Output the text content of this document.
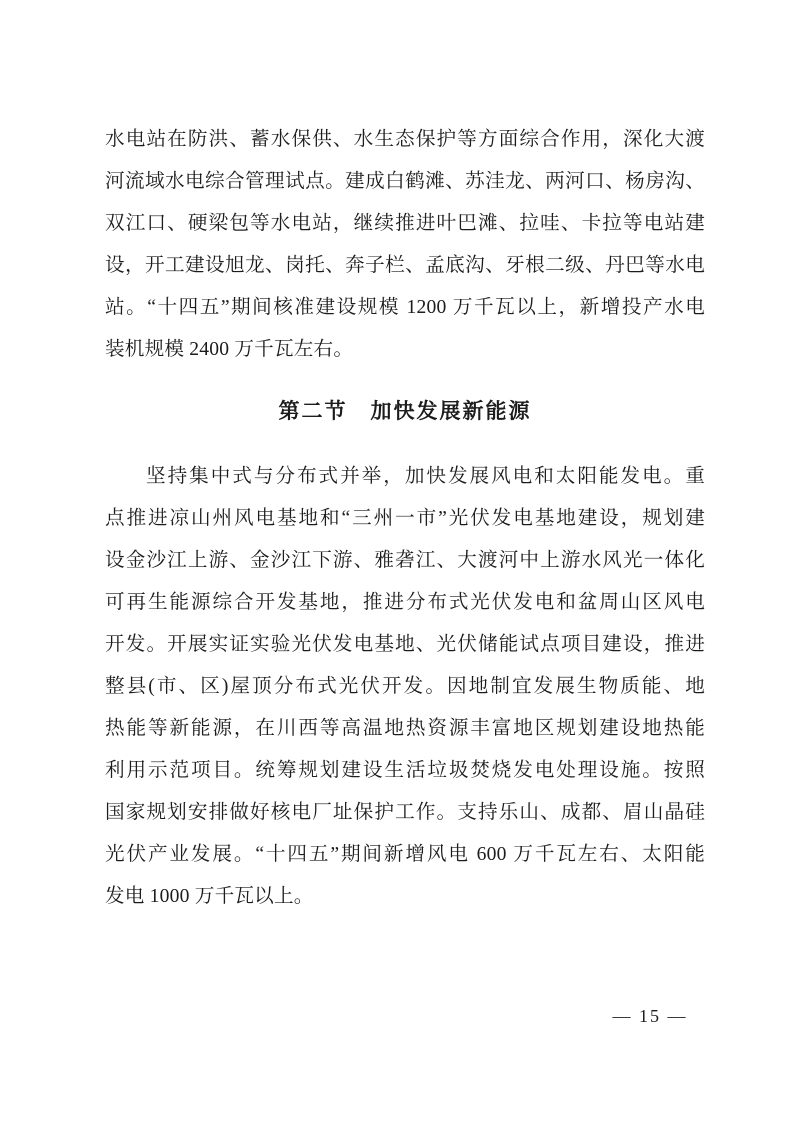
水电站在防洪、蓄水保供、水生态保护等方面综合作用，深化大渡
河流域水电综合管理试点。建成白鹤滩、苏洼龙、两河口、杨房沟、
双江口、硬梁包等水电站，继续推进叶巴滩、拉哇、卡拉等电站建
设，开工建设旭龙、岗托、奔子栏、孟底沟、牙根二级、丹巴等水电
站。“十四五”期间核准建设规模 1200 万千瓦以上，新增投产水电
装机规模 2400 万千瓦左右。
第二节　加快发展新能源
坚持集中式与分布式并举，加快发展风电和太阳能发电。重
点推进凉山州风电基地和“三州一市”光伏发电基地建设，规划建
设金沙江上游、金沙江下游、雅砻江、大渡河中上游水风光一体化
可再生能源综合开发基地，推进分布式光伏发电和盆周山区风电
开发。开展实证实验光伏发电基地、光伏储能试点项目建设，推进
整县(市、区)屋顶分布式光伏开发。因地制宜发展生物质能、地
热能等新能源，在川西等高温地热资源丰富地区规划建设地热能
利用示范项目。统筹规划建设生活垃圾焚烧发电处理设施。按照
国家规划安排做好核电厂址保护工作。支持乐山、成都、眉山晶硅
光伏产业发展。“十四五”期间新增风电 600 万千瓦左右、太阳能
发电 1000 万千瓦以上。
— 15 —
